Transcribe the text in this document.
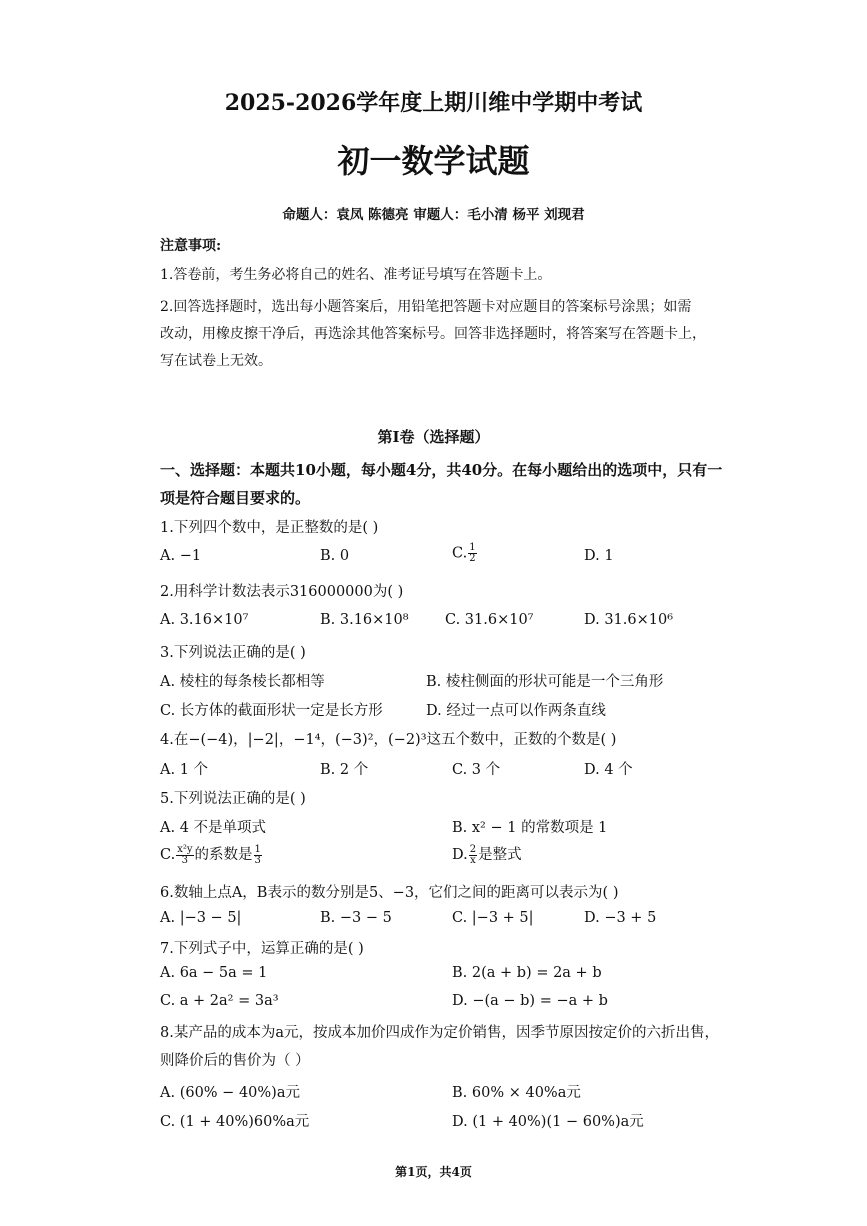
2025-2026学年度上期川维中学期中考试
初一数学试题
命题人：袁凤 陈德亮 审题人：毛小清 杨平 刘现君
注意事项:
1.答卷前，考生务必将自己的姓名、准考证号填写在答题卡上。
2.回答选择题时，选出每小题答案后，用铅笔把答题卡对应题目的答案标号涂黑；如需
改动，用橡皮擦干净后，再选涂其他答案标号。回答非选择题时，将答案写在答题卡上，
写在试卷上无效。
第Ⅰ卷（选择题）
一、选择题：本题共10小题，每小题4分，共40分。在每小题给出的选项中，只有一
项是符合题目要求的。
1.下列四个数中，是正整数的是( )
A. −1	B. 0	C. $\frac{1}{2}$	D. 1
2.用科学计数法表示316000000为( )
A. 3.16×10⁷	B. 3.16×10⁸	C. 31.6×10⁷	D. 31.6×10⁶
3.下列说法正确的是( )
A. 棱柱的每条棱长都相等	B. 棱柱侧面的形状可能是一个三角形
C. 长方体的截面形状一定是长方形	D. 经过一点可以作两条直线
4.在−(−4)，|−2|，−1⁴，(−3)²，(−2)³这五个数中，正数的个数是( )
A. 1 个	B. 2 个	C. 3 个	D. 4 个
5.下列说法正确的是( )
A. 4 不是单项式	B. x² − 1 的常数项是 1
C. $\frac{\text{x²y}}{3}$ 的系数是 $\frac{1}{3}$	D. $\frac{2}{x}$ 是整式
6.数轴上点A，B表示的数分别是5、−3，它们之间的距离可以表示为( )
A. |−3 − 5|	B. −3 − 5	C. |−3 + 5|	D. −3 + 5
7.下列式子中，运算正确的是( )
A. 6a − 5a = 1	B. 2(a + b) = 2a + b
C. a + 2a² = 3a³	D. −(a − b) = −a + b
8.某产品的成本为a元，按成本加价四成作为定价销售，因季节原因按定价的六折出售，
则降价后的售价为（ ）
A. (60% − 40%)a元	B. 60% × 40%a元
C. (1 + 40%)60%a元	D. (1 + 40%)(1 − 60%)a元
第1页，共4页
